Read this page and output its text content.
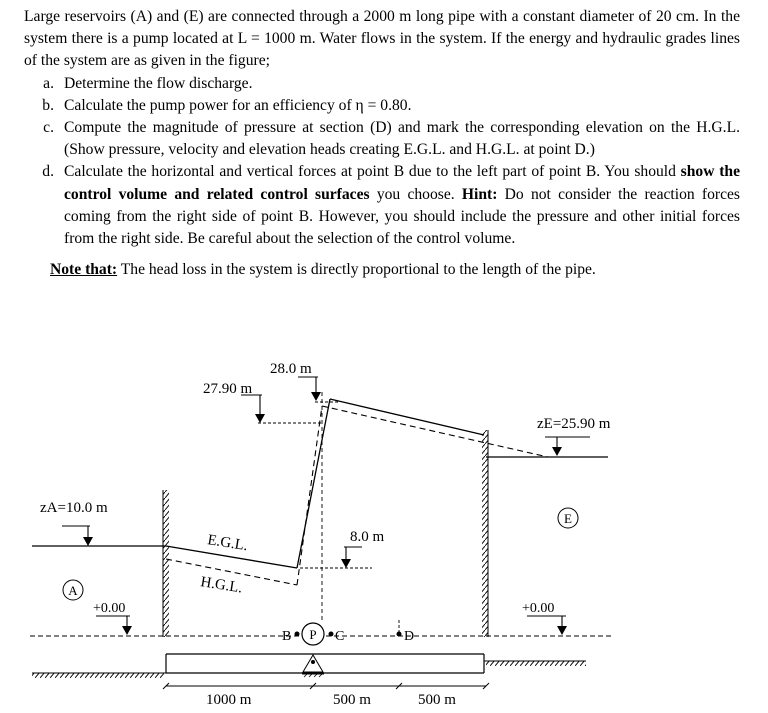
Large reservoirs (A) and (E) are connected through a 2000 m long pipe with a constant diameter of 20 cm. In the system there is a pump located at L = 1000 m. Water flows in the system. If the energy and hydraulic grades lines of the system are as given in the figure;

a. Determine the flow discharge.
b. Calculate the pump power for an efficiency of η = 0.80.
c. Compute the magnitude of pressure at section (D) and mark the corresponding elevation on the H.G.L. (Show pressure, velocity and elevation heads creating E.G.L. and H.G.L. at point D.)
d. Calculate the horizontal and vertical forces at point B due to the left part of point B. You should show the control volume and related control surfaces you choose. Hint: Do not consider the reaction forces coming from the right side of point B. However, you should include the pressure and other initial forces from the right side. Be careful about the selection of the control volume.

Note that: The head loss in the system is directly proportional to the length of the pipe.

zA=10.0 m
zE=25.90 m
A
E
+0.00	+0.00
27.90 m
28.0 m
8.0 m
E.G.L.
H.G.L.
B P C	D
1000 m	500 m	500 m
